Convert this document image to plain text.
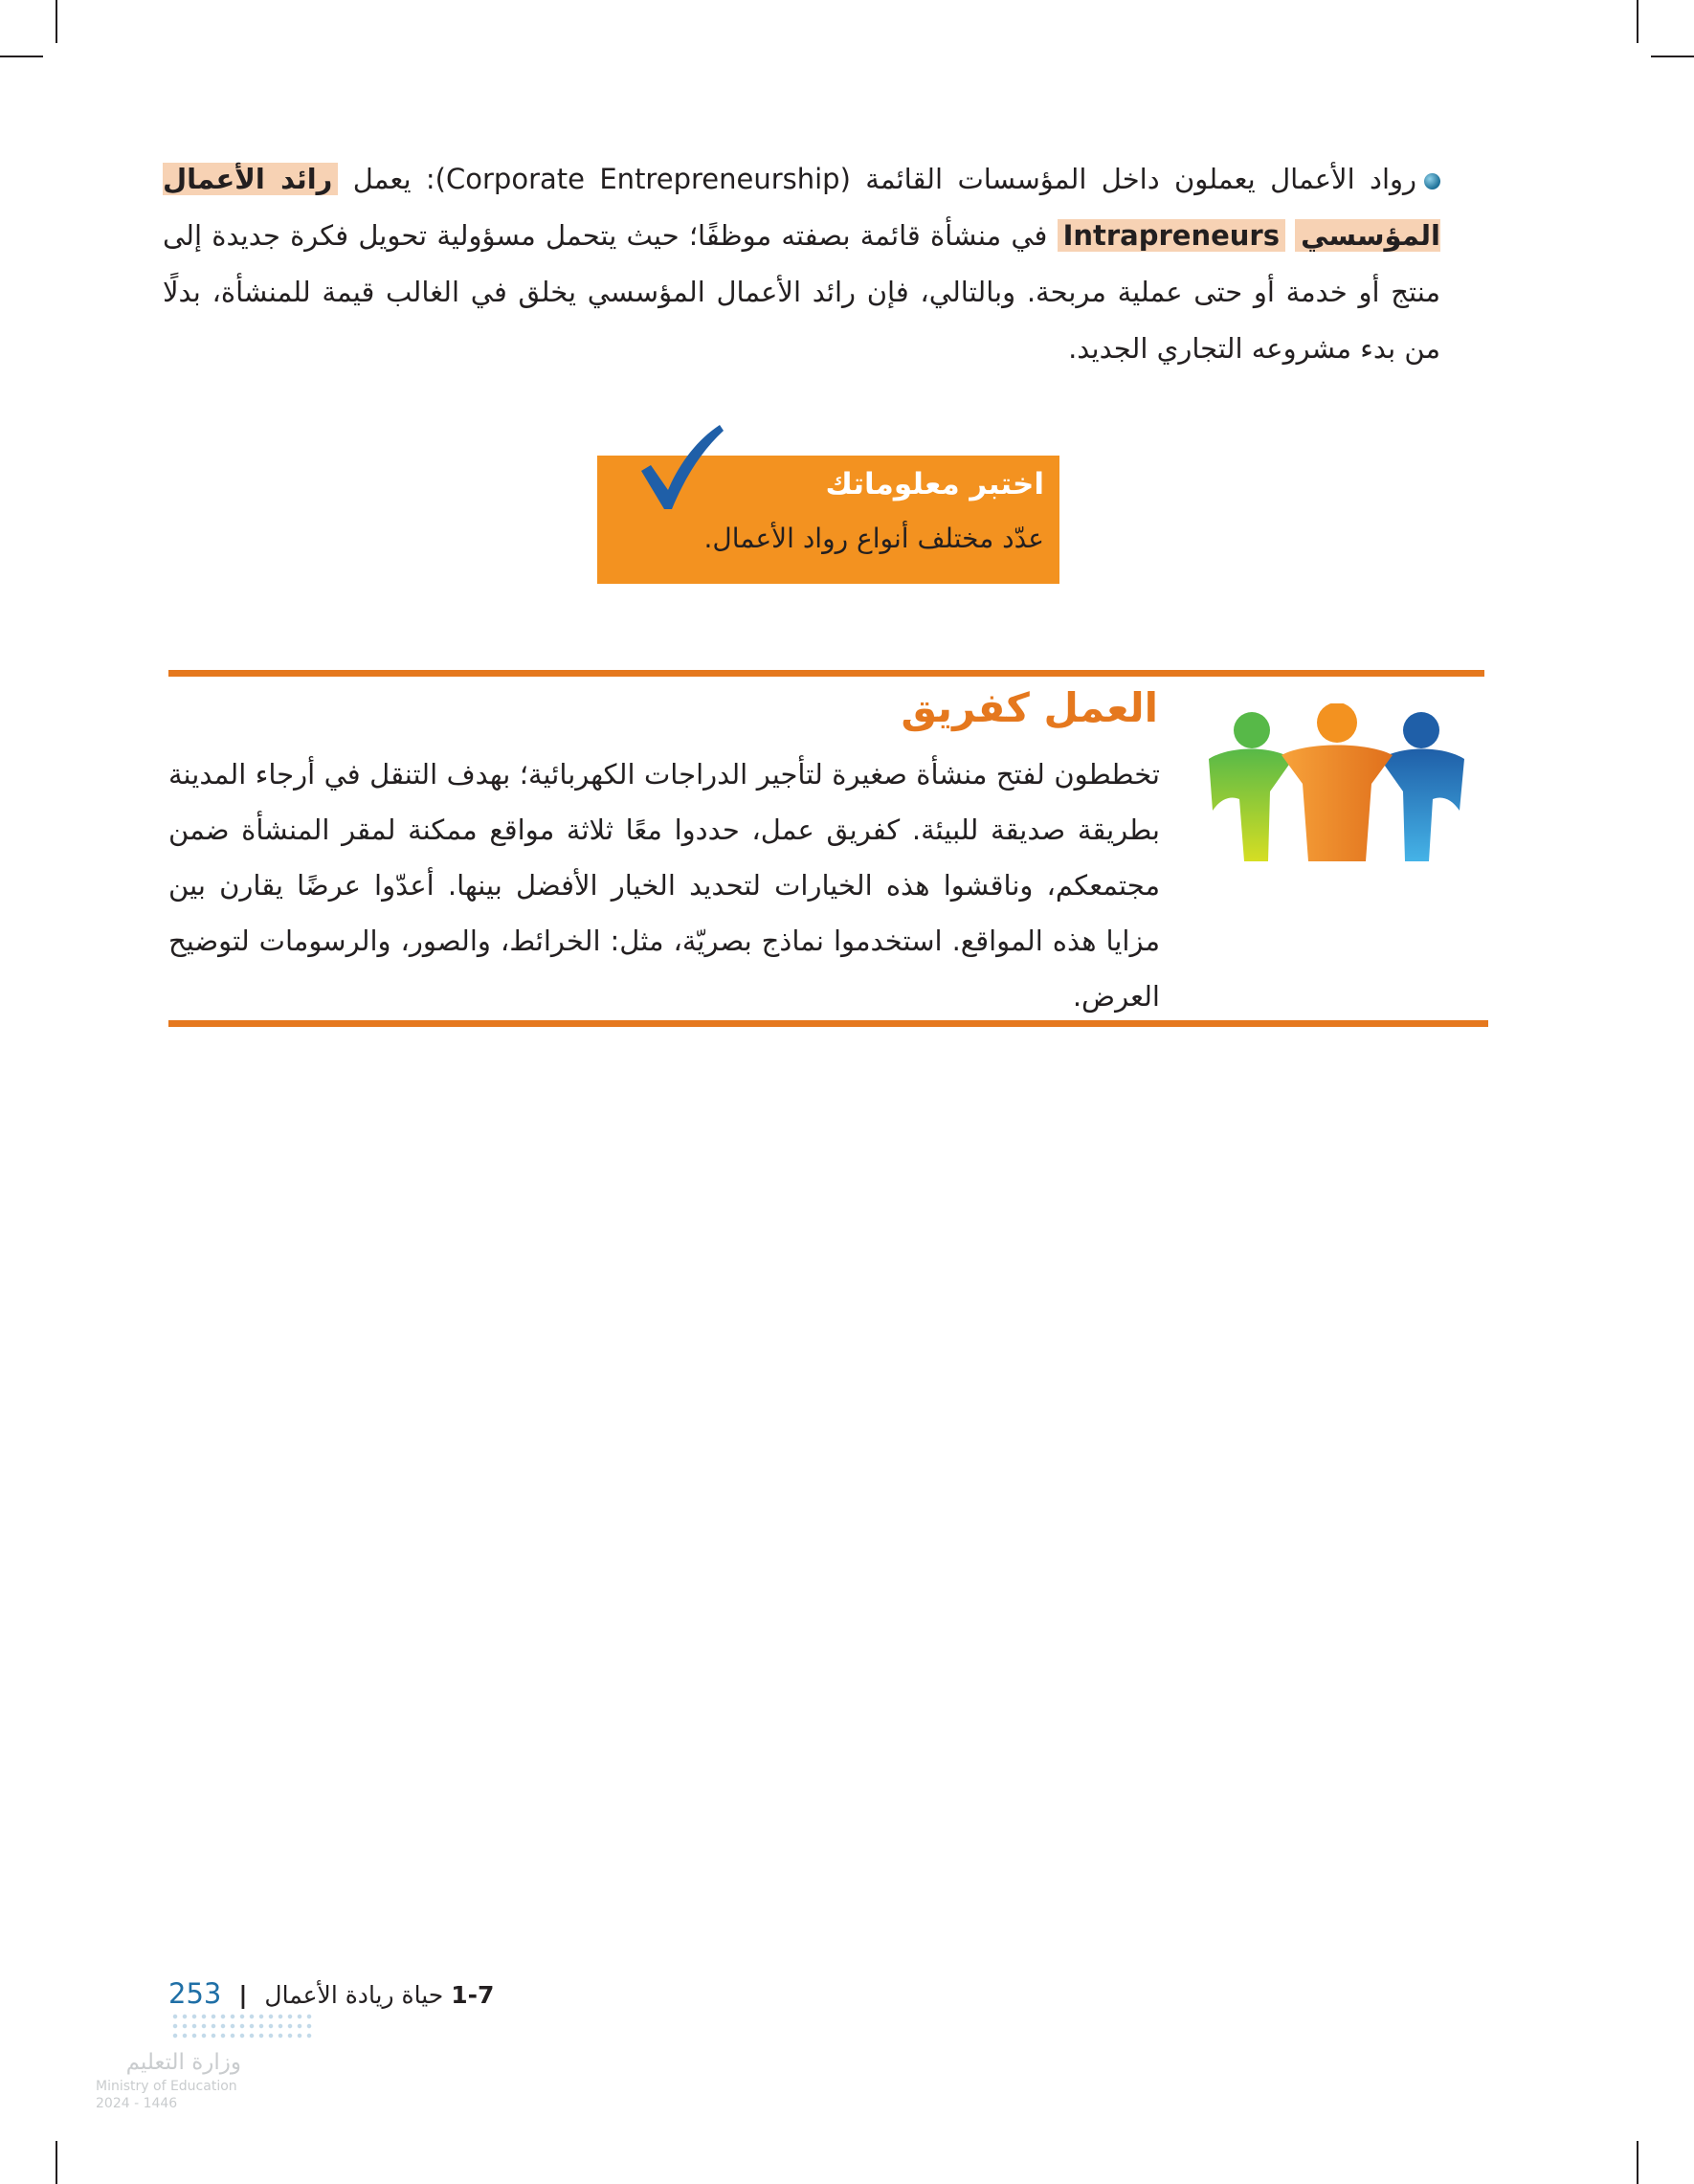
رواد الأعمال يعملون داخل المؤسسات القائمة (Corporate Entrepreneurship): يعمل رائد الأعمال المؤسسي Intrapreneurs في منشأة قائمة بصفته موظفًا؛ حيث يتحمل مسؤولية تحويل فكرة جديدة إلى منتج أو خدمة أو حتى عملية مربحة. وبالتالي، فإن رائد الأعمال المؤسسي يخلق في الغالب قيمة للمنشأة، بدلًا من بدء مشروعه التجاري الجديد.
اختبر معلوماتك
عدّد مختلف أنواع رواد الأعمال.
العمل كفريق
تخططون لفتح منشأة صغيرة لتأجير الدراجات الكهربائية؛ بهدف التنقل في أرجاء المدينة بطريقة صديقة للبيئة. كفريق عمل، حددوا معًا ثلاثة مواقع ممكنة لمقر المنشأة ضمن مجتمعكم، وناقشوا هذه الخيارات لتحديد الخيار الأفضل بينها. أعدّوا عرضًا يقارن بين مزايا هذه المواقع. استخدموا نماذج بصريّة، مثل: الخرائط، والصور، والرسومات لتوضيح العرض.
1-7 حياة ريادة الأعمال | 253
وزارة التعليم
Ministry of Education
2024 - 1446
